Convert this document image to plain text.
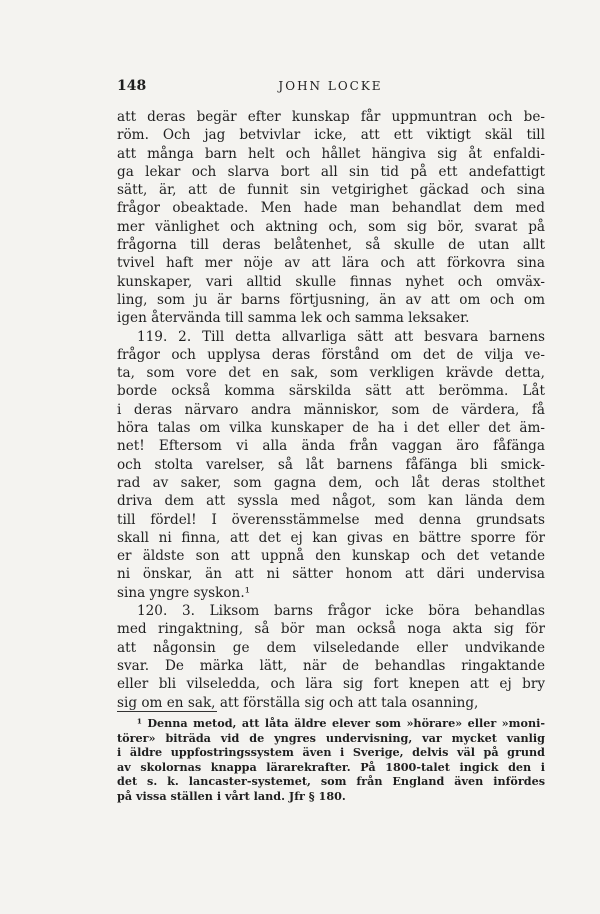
148	JOHN LOCKE
att deras begär efter kunskap får uppmuntran och be-
röm. Och jag betvivlar icke, att ett viktigt skäl till
att många barn helt och hållet hängiva sig åt enfaldi-
ga lekar och slarva bort all sin tid på ett andefattigt
sätt, är, att de funnit sin vetgirighet gäckad och sina
frågor obeaktade. Men hade man behandlat dem med
mer vänlighet och aktning och, som sig bör, svarat på
frågorna till deras belåtenhet, så skulle de utan allt
tvivel haft mer nöje av att lära och att förkovra sina
kunskaper, vari alltid skulle finnas nyhet och omväx-
ling, som ju är barns förtjusning, än av att om och om
igen återvända till samma lek och samma leksaker.
119. 2. Till detta allvarliga sätt att besvara barnens
frågor och upplysa deras förstånd om det de vilja ve-
ta, som vore det en sak, som verkligen krävde detta,
borde också komma särskilda sätt att berömma. Låt
i deras närvaro andra människor, som de värdera, få
höra talas om vilka kunskaper de ha i det eller det äm-
net! Eftersom vi alla ända från vaggan äro fåfänga
och stolta varelser, så låt barnens fåfänga bli smick-
rad av saker, som gagna dem, och låt deras stolthet
driva dem att syssla med något, som kan lända dem
till fördel! I överensstämmelse med denna grundsats
skall ni finna, att det ej kan givas en bättre sporre för
er äldste son att uppnå den kunskap och det vetande
ni önskar, än att ni sätter honom att däri undervisa
sina yngre syskon.¹
120. 3. Liksom barns frågor icke böra behandlas
med ringaktning, så bör man också noga akta sig för
att någonsin ge dem vilseledande eller undvikande
svar. De märka lätt, när de behandlas ringaktande
eller bli vilseledda, och lära sig fort knepen att ej bry
sig om en sak, att förställa sig och att tala osanning,
¹ Denna metod, att låta äldre elever som »hörare» eller »moni-
törer» biträda vid de yngres undervisning, var mycket vanlig
i äldre uppfostringssystem även i Sverige, delvis väl på grund
av skolornas knappa lärarekrafter. På 1800-talet ingick den i
det s. k. lancaster-systemet, som från England även infördes
på vissa ställen i vårt land. Jfr § 180.
